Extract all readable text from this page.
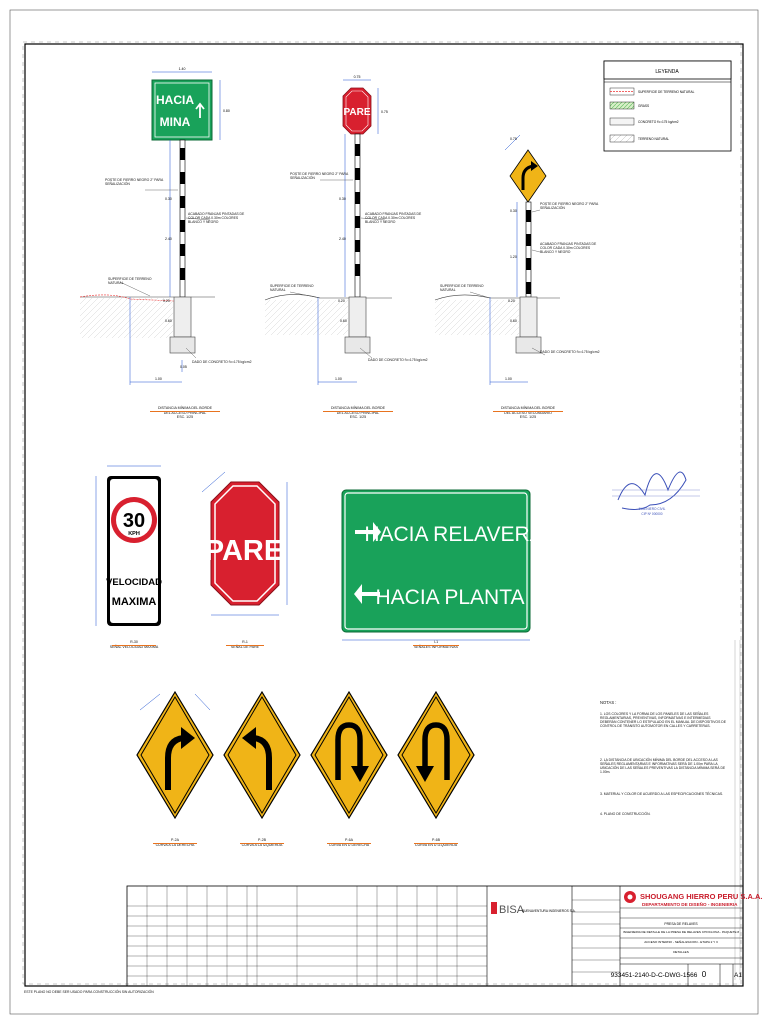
HACIA
MINA
1.40
0.80
0.30
2.40
0.20
0.60
0.05
1.00
PARE
0.75
0.75
0.30
2.40
0.20
0.60
1.00
0.75
0.30
1.20
0.20
0.60
1.00
30
KPH
VELOCIDAD
MAXIMA
PARE
HACIA RELAVERA
HACIA PLANTA
LEYENDA
SUPERFICIE DE TERRENO NATURAL
GRASS
CONCRETO f'c=175 kg/cm2
TERRENO NATURAL
INGENIERO CIVIL
CIP Nº 000000
BISA
BUENAVENTURA INGENIEROS S.A.
SHOUGANG HIERRO PERU S.A.A.
DEPARTAMENTO DE DISEÑO - INGENIERIA
PRESA DE RELAVES
INGENIERIA DE DETALLE DE LA PRESA DE RELAVES CHOCLONA - PAQUETE 8
ACCESO INTERNO - SEÑALIZACION - ETAPA 2 Y 3
DETALLES
933451-2140-D-C-DWG-1566 0	A1
POSTE DE FIERRO NEGRO 2" PARA SEÑALIZACIÓN
ACABADO FRANJAS PINTADAS DE COLOR CADA 0.30m COLORES BLANCO Y NEGRO
SUPERFICIE DE TERRENO NATURAL
DADO DE CONCRETO f'c=175 kg/cm2
POSTE DE FIERRO NEGRO 2" PARA SEÑALIZACIÓN
ACABADO FRANJAS PINTADAS DE COLOR CADA 0.30m COLORES BLANCO Y NEGRO
SUPERFICIE DE TERRENO NATURAL
DADO DE CONCRETO f'c=175 kg/cm2
POSTE DE FIERRO NEGRO 2" PARA SEÑALIZACIÓN
ACABADO FRANJAS PINTADAS DE COLOR CADA 0.30m COLORES BLANCO Y NEGRO
SUPERFICIE DE TERRENO NATURAL
DADO DE CONCRETO f'c=175 kg/cm2
DISTANCIA MÍNIMA DEL BORDE
DEL ACCESO PRINCIPAL
ESC. 1/25
DISTANCIA MÍNIMA DEL BORDE
DEL ACCESO PRINCIPAL
ESC. 1/25
DISTANCIA MÍNIMA DEL BORDE
DEL ACCESO SECUNDARIO
ESC. 1/25
R-30
SEÑAL VELOCIDAD MAXIMA
R-1
SEÑAL DE PARE
I-1
SEÑALES INFORMATIVAS
P-2A
CURVA A LA DERECHA
P-2B
CURVA A LA IZQUIERDA
P-6A
CURVA EN U DERECHA
P-6B
CURVA EN U IZQUIERDA
NOTAS :
1. LOS COLORES Y LA FORMA DE LOS PANELES DE LAS SEÑALES REGLAMENTARIAS, PREVENTIVAS, INFORMATIVAS E INTERMEDIAS DEBERÁN CONTENER LO ESTIPULADO EN EL MANUAL DE DISPOSITIVOS DE CONTROL DE TRÁNSITO AUTOMOTOR EN CALLES Y CARRETERAS.
2. LA DISTANCIA DE UBICACIÓN MÍNIMA DEL BORDE DEL ACCESO A LAS SEÑALES REGLAMENTARIAS E INFORMATIVAS SERÁ DE 1.00m PARA LA UBICACIÓN DE LAS SEÑALES PREVENTIVAS LA DISTANCIA MÍNIMA SERÁ DE 1.00m.
3. MATERIAL Y COLOR DE ACUERDO A LAS ESPECIFICACIONES TÉCNICAS.
4. PLANO DE CONSTRUCCIÓN.
ESTE PLANO NO DEBE SER USADO PARA CONSTRUCCIÓN SIN AUTORIZACIÓN
